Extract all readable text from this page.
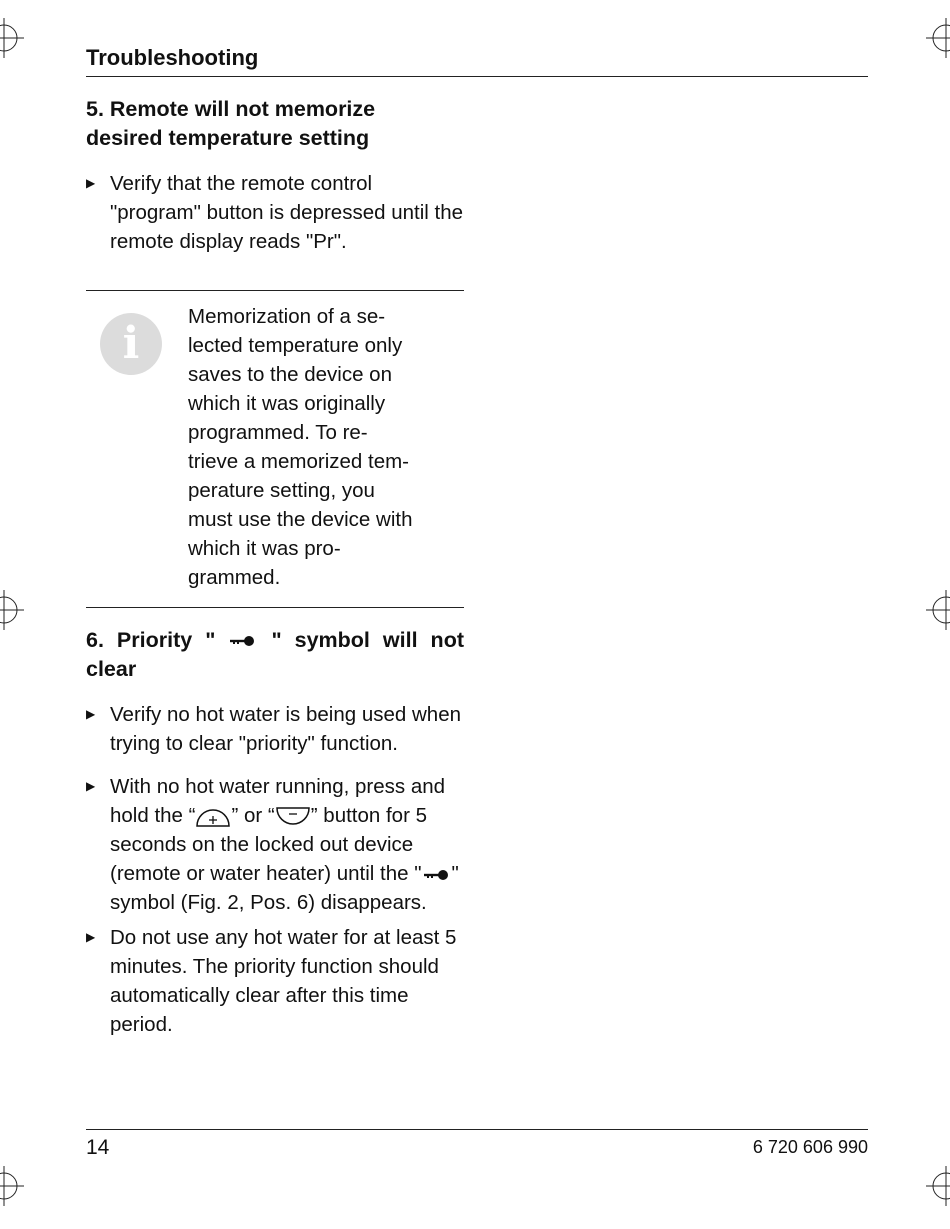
Troubleshooting
5. Remote will not memorize desired temperature setting
▶ Verify that the remote control "program" button is depressed until the remote display reads "Pr".
i
Memorization of a se-
lected temperature only
saves to the device on
which it was originally
programmed. To re-
trieve a memorized tem-
perature setting, you
must use the device with
which it was pro-
grammed.
6. Priority "	" symbol will not clear
▶ Verify no hot water is being used when trying to clear "priority" function.
▶ With no hot water running, press and hold the “ ” or “ ” button for 5 seconds on the locked out device (remote or water heater) until the " " symbol (Fig. 2, Pos. 6) disappears.
▶ Do not use any hot water for at least 5 minutes. The priority function should automatically clear after this time period.
14	6 720 606 990
